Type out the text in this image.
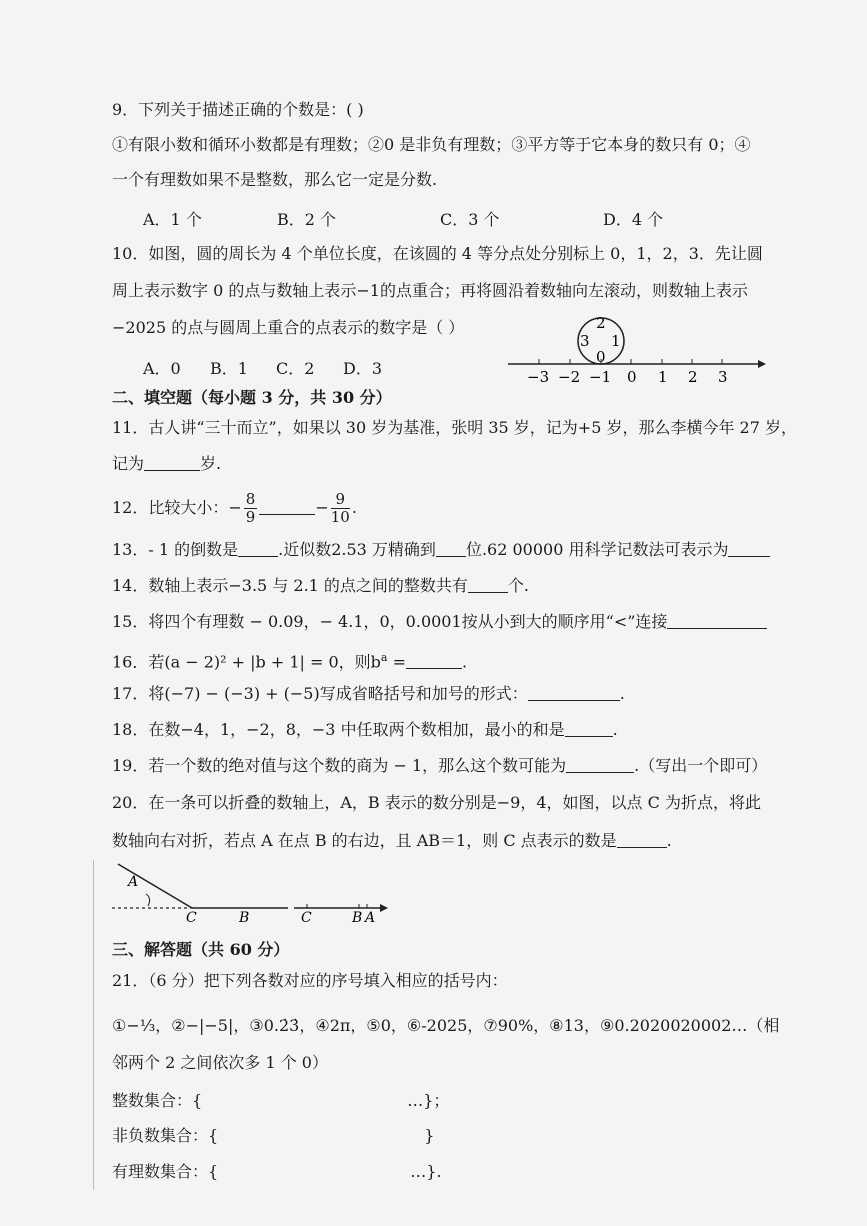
9．下列关于描述正确的个数是：( )
①有限小数和循环小数都是有理数；②0 是非负有理数；③平方等于它本身的数只有 0；④
一个有理数如果不是整数，那么它一定是分数.
A．1 个	B．2 个	C．3 个	D．4 个
10．如图，圆的周长为 4 个单位长度，在该圆的 4 等分点处分别标上 0，1，2，3．先让圆
周上表示数字 0 的点与数轴上表示−1的点重合；再将圆沿着数轴向左滚动，则数轴上表示
−2025 的点与圆周上重合的点表示的数字是（ ）
A．0 B．1 C．2 D．3
2
3 1
0
−3 −2 −1 0 1 2 3
二、填空题（每小题 3 分，共 30 分）
11．古人讲“三十而立”，如果以 30 岁为基准，张明 35 岁，记为+5 岁，那么李横今年 27 岁，
记为	岁.
12．比较大小：− $\frac{8}{9}$	− $\frac{9}{10}$ .
13．- 1 的倒数是	.近似数2.53 万精确到 位.62 00000 用科学记数法可表示为
14．数轴上表示−3.5 与 2.1 的点之间的整数共有	个.
15．将四个有理数 − 0.09，− 4.1，0，0.0001按从小到大的顺序用“<”连接
16．若(a − 2)² + |b + 1| = 0，则$b^a$ =	.
17．将(−7) − (−3) + (−5)写成省略括号和加号的形式：	.
18．在数−4，1，−2，8，−3 中任取两个数相加，最小的和是	.
19．若一个数的绝对值与这个数的商为 − 1，那么这个数可能为	.（写出一个即可）
20．在一条可以折叠的数轴上，A，B 表示的数分别是−9，4，如图，以点 C 为折点，将此
数轴向右对折，若点 A 在点 B 的右边，且 AB＝1，则 C 点表示的数是	.
A
C	B	C	B A
三、解答题（共 60 分）
21．（6 分）把下列各数对应的序号填入相应的括号内：
①−⅓，②−|−5|，③0.2̇3̇，④2π，⑤0，⑥-2025，⑦90%，⑧13，⑨0.2020020002…（相
邻两个 2 之间依次多 1 个 0）
整数集合：{	…}；
非负数集合：{	}
有理数集合：{	…}.
